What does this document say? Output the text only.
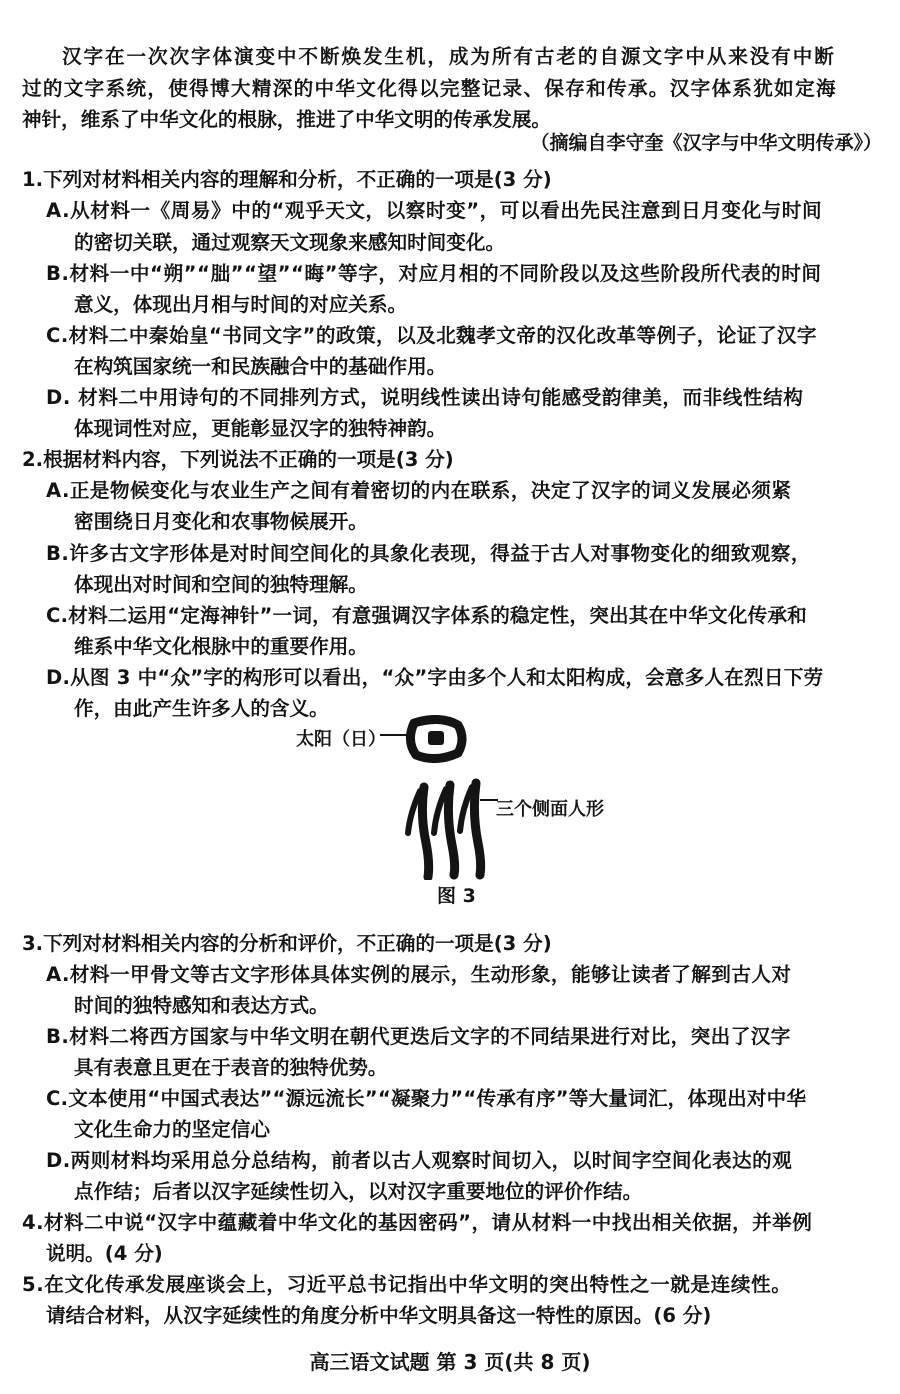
汉字在一次次字体演变中不断焕发生机，成为所有古老的自源文字中从来没有中断
过的文字系统，使得博大精深的中华文化得以完整记录、保存和传承。汉字体系犹如定海
神针，维系了中华文化的根脉，推进了中华文明的传承发展。
（摘编自李守奎《汉字与中华文明传承》）
1.下列对材料相关内容的理解和分析，不正确的一项是(3 分)
A.从材料一《周易》中的“观乎天文，以察时变”，可以看出先民注意到日月变化与时间
的密切关联，通过观察天文现象来感知时间变化。
B.材料一中“朔”“朏”“望”“晦”等字，对应月相的不同阶段以及这些阶段所代表的时间
意义，体现出月相与时间的对应关系。
C.材料二中秦始皇“书同文字”的政策，以及北魏孝文帝的汉化改革等例子，论证了汉字
在构筑国家统一和民族融合中的基础作用。
D. 材料二中用诗句的不同排列方式，说明线性读出诗句能感受韵律美，而非线性结构
体现词性对应，更能彰显汉字的独特神韵。
2.根据材料内容，下列说法不正确的一项是(3 分)
A.正是物候变化与农业生产之间有着密切的内在联系，决定了汉字的词义发展必须紧
密围绕日月变化和农事物候展开。
B.许多古文字形体是对时间空间化的具象化表现，得益于古人对事物变化的细致观察，
体现出对时间和空间的独特理解。
C.材料二运用“定海神针”一词，有意强调汉字体系的稳定性，突出其在中华文化传承和
维系中华文化根脉中的重要作用。
D.从图 3 中“众”字的构形可以看出，“众”字由多个人和太阳构成，会意多人在烈日下劳
作，由此产生许多人的含义。
太阳（日）
三个侧面人形
图 3
3.下列对材料相关内容的分析和评价，不正确的一项是(3 分)
A.材料一甲骨文等古文字形体具体实例的展示，生动形象，能够让读者了解到古人对
时间的独特感知和表达方式。
B.材料二将西方国家与中华文明在朝代更迭后文字的不同结果进行对比，突出了汉字
具有表意且更在于表音的独特优势。
C.文本使用“中国式表达”“源远流长”“凝聚力”“传承有序”等大量词汇，体现出对中华
文化生命力的坚定信心
D.两则材料均采用总分总结构，前者以古人观察时间切入，以时间字空间化表达的观
点作结；后者以汉字延续性切入，以对汉字重要地位的评价作结。
4.材料二中说“汉字中蕴藏着中华文化的基因密码”，请从材料一中找出相关依据，并举例
说明。(4 分)
5.在文化传承发展座谈会上，习近平总书记指出中华文明的突出特性之一就是连续性。
请结合材料，从汉字延续性的角度分析中华文明具备这一特性的原因。(6 分)
高三语文试题 第 3 页(共 8 页)
